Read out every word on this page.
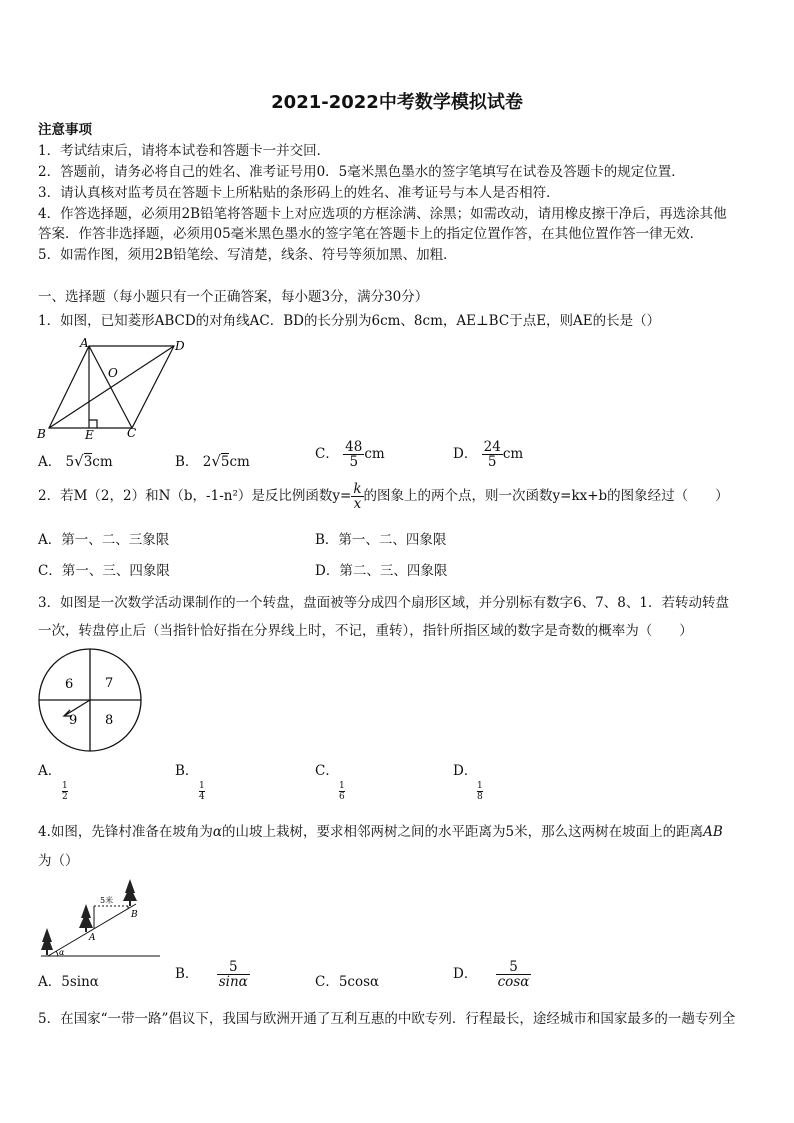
2021-2022中考数学模拟试卷
注意事项
1．考试结束后，请将本试卷和答题卡一并交回．
2．答题前，请务必将自己的姓名、准考证号用0．5毫米黑色墨水的签字笔填写在试卷及答题卡的规定位置．
3．请认真核对监考员在答题卡上所粘贴的条形码上的姓名、准考证号与本人是否相符．
4．作答选择题，必须用2B铅笔将答题卡上对应选项的方框涂满、涂黑；如需改动，请用橡皮擦干净后，再选涂其他
答案．作答非选择题，必须用05毫米黑色墨水的签字笔在答题卡上的指定位置作答，在其他位置作答一律无效．
5．如需作图，须用2B铅笔绘、写清楚，线条、符号等须加黑、加粗．
一、选择题（每小题只有一个正确答案，每小题3分，满分30分）
1．如图，已知菱形ABCD的对角线AC．BD的长分别为6cm、8cm，AE⊥BC于点E，则AE的长是（）
A	D
O
B	E	C
A． 5√3cm	B． 2√5cm	C． $\frac{48}{5}$ cm	D． $\frac{24}{5}$ cm
2．若M（2，2）和N（b，-1-n²）是反比例函数$y= \frac{k}{x}$ 的图象上的两个点，则一次函数y=kx+b的图象经过（　　）
A．第一、二、三象限	B．第一、二、四象限
C．第一、三、四象限	D．第二、三、四象限
3．如图是一次数学活动课制作的一个转盘，盘面被等分成四个扇形区域，并分别标有数字6、7、8、1．若转动转盘
一次，转盘停止后（当指针恰好指在分界线上时，不记，重转），指针所指区域的数字是奇数的概率为（　　）
6 7
9 8
A．

$\frac{1}{2}$
B．

$\frac{1}{4}$
C．

$\frac{1}{6}$
D．

$\frac{1}{8}$
4.如图，先锋村准备在坡角为α的山坡上栽树，要求相邻两树之间的水平距离为5米，那么这两树在坡面上的距离AB
为（）
5米
A
B
α
A．5sinα	B． $\frac{5}{\sin\alpha}$	C．5cosα	D． $\frac{5}{\cos\alpha}$
5．在国家“一带一路”倡议下，我国与欧洲开通了互利互惠的中欧专列．行程最长，途经城市和国家最多的一趟专列全
